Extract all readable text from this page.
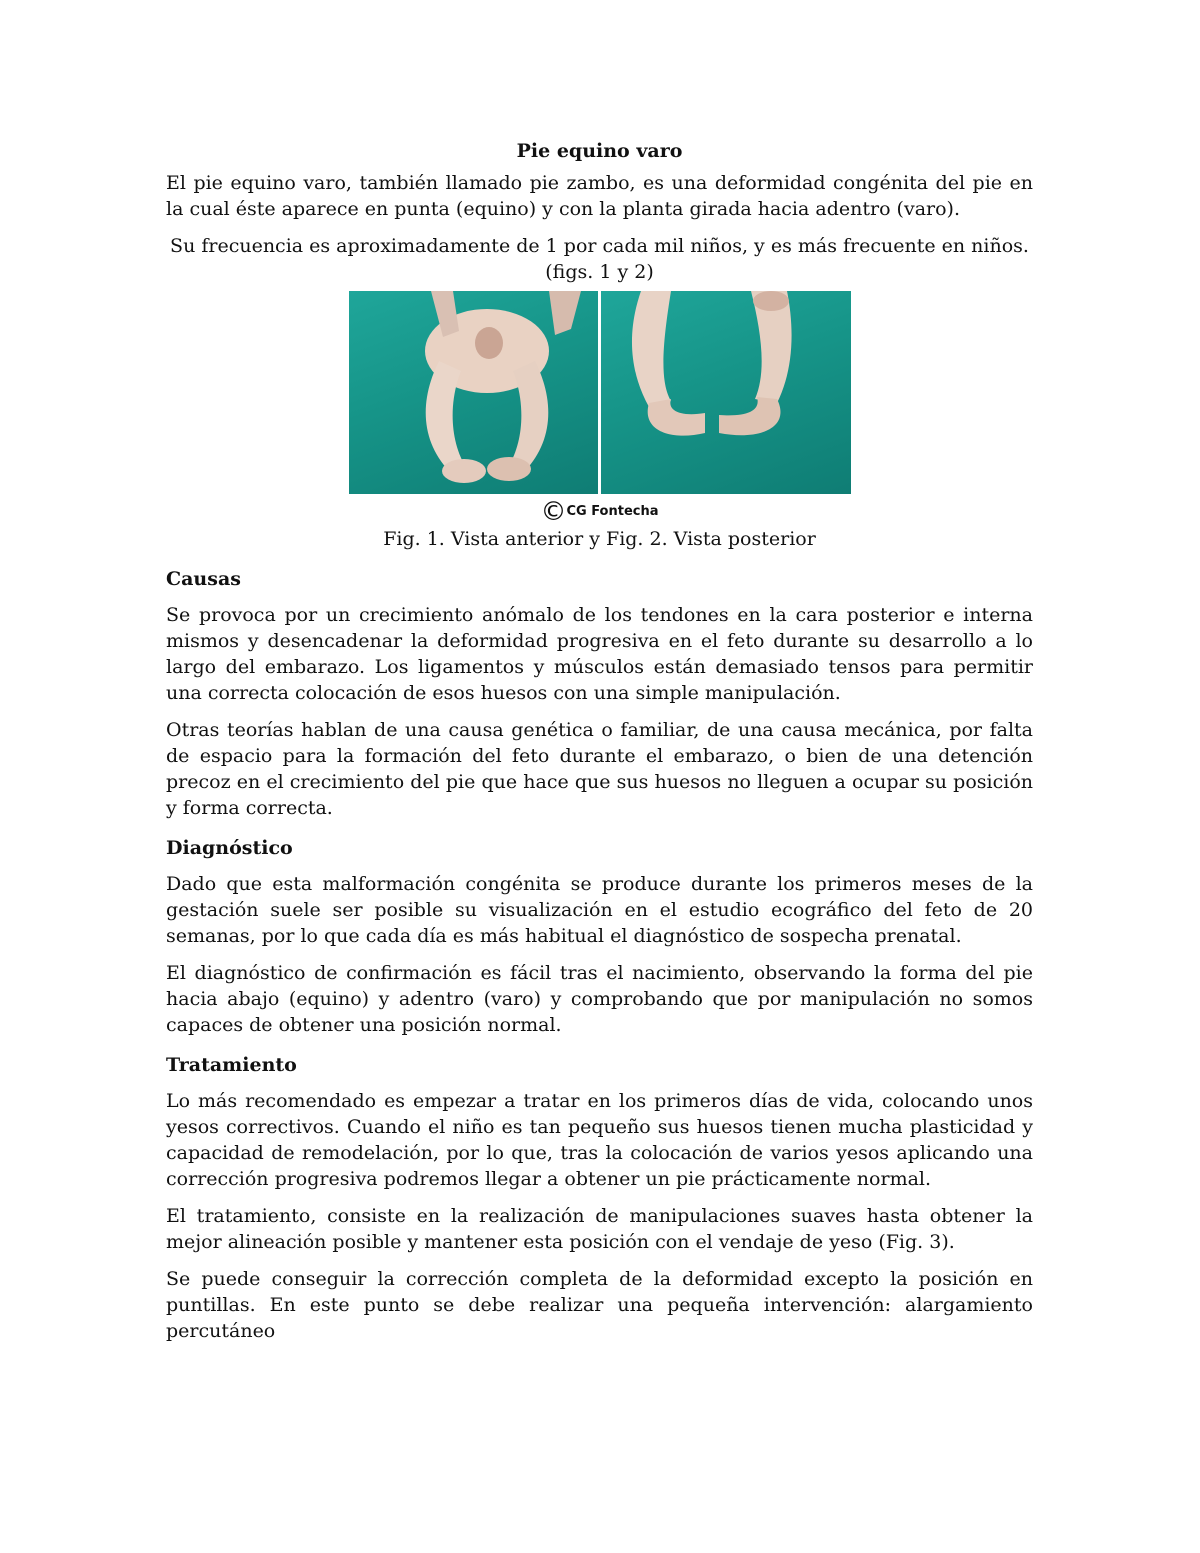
Pie equino varo

El pie equino varo, también llamado pie zambo, es una deformidad congénita del pie en la cual éste aparece en punta (equino) y con la planta girada hacia adentro (varo).

Su frecuencia es aproximadamente de 1 por cada mil niños, y es más frecuente en niños.
(figs. 1 y 2)

©CG Fontecha

Fig. 1. Vista anterior y Fig. 2. Vista posterior

Causas

Se provoca por un crecimiento anómalo de los tendones en la cara posterior e interna mismos y desencadenar la deformidad progresiva en el feto durante su desarrollo a lo largo del embarazo. Los ligamentos y músculos están demasiado tensos para permitir una correcta colocación de esos huesos con una simple manipulación.

Otras teorías hablan de una causa genética o familiar, de una causa mecánica, por falta de espacio para la formación del feto durante el embarazo, o bien de una detención precoz en el crecimiento del pie que hace que sus huesos no lleguen a ocupar su posición y forma correcta.

Diagnóstico

Dado que esta malformación congénita se produce durante los primeros meses de la gestación suele ser posible su visualización en el estudio ecográfico del feto de 20 semanas, por lo que cada día es más habitual el diagnóstico de sospecha prenatal.

El diagnóstico de confirmación es fácil tras el nacimiento, observando la forma del pie hacia abajo (equino) y adentro (varo) y comprobando que por manipulación no somos capaces de obtener una posición normal.

Tratamiento

Lo más recomendado es empezar a tratar en los primeros días de vida, colocando unos yesos correctivos. Cuando el niño es tan pequeño sus huesos tienen mucha plasticidad y capacidad de remodelación, por lo que, tras la colocación de varios yesos aplicando una corrección progresiva podremos llegar a obtener un pie prácticamente normal.

El tratamiento, consiste en la realización de manipulaciones suaves hasta obtener la mejor alineación posible y mantener esta posición con el vendaje de yeso (Fig. 3).

Se puede conseguir la corrección completa de la deformidad excepto la posición en puntillas. En este punto se debe realizar una pequeña intervención: alargamiento percutáneo
